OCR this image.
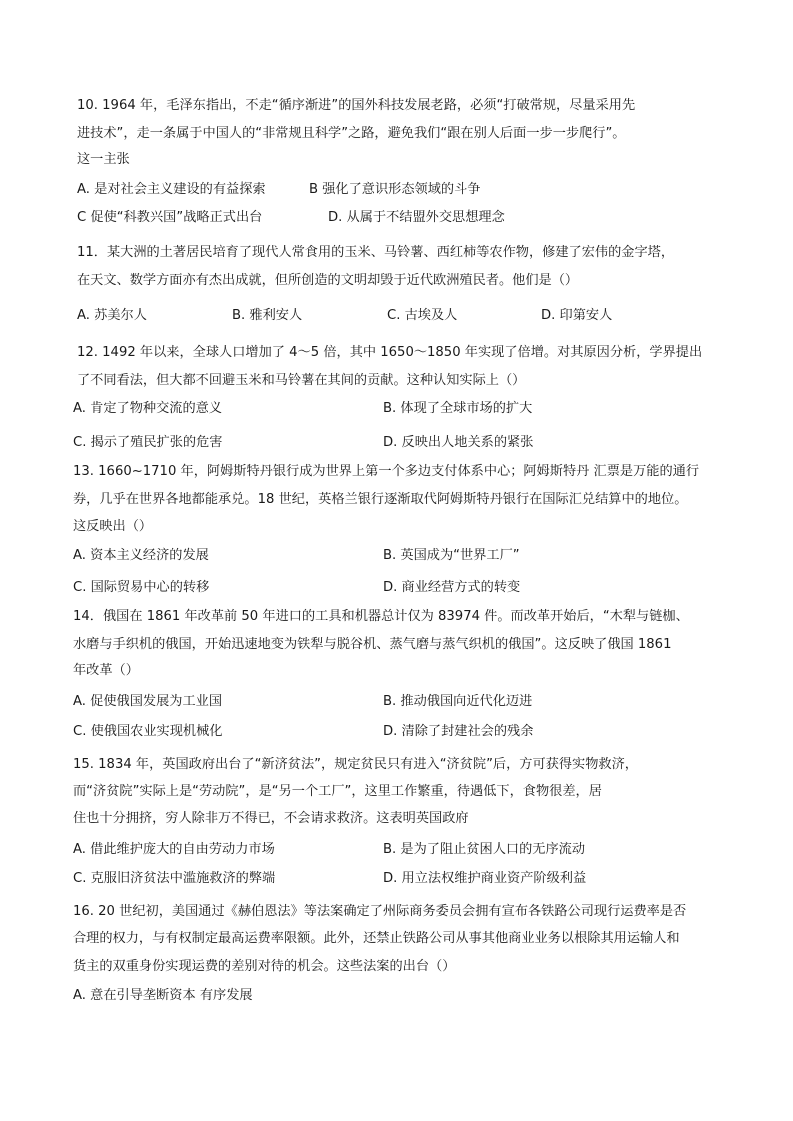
10. 1964 年，毛泽东指出，不走“循序渐进”的国外科技发展老路，必须“打破常规，尽量采用先
进技术”，走一条属于中国人的“非常规且科学”之路，避免我们“跟在别人后面一步一步爬行”。
这一主张
A. 是对社会主义建设的有益探索	B 强化了意识形态领域的斗争
C 促使“科教兴国”战略正式出台	D. 从属于不结盟外交思想理念
11．某大洲的土著居民培育了现代人常食用的玉米、马铃薯、西红柿等农作物，修建了宏伟的金字塔，
在天文、数学方面亦有杰出成就，但所创造的文明却毁于近代欧洲殖民者。他们是（）
A. 苏美尔人	B. 雅利安人	C. 古埃及人	D. 印第安人
12. 1492 年以来，全球人口增加了 4～5 倍，其中 1650～1850 年实现了倍增。对其原因分析，学界提出
了不同看法，但大都不回避玉米和马铃薯在其间的贡献。这种认知实际上（）
A. 肯定了物种交流的意义	B. 体现了全球市场的扩大
C. 揭示了殖民扩张的危害	D. 反映出人地关系的紧张
13. 1660~1710 年，阿姆斯特丹银行成为世界上第一个多边支付体系中心；阿姆斯特丹 汇票是万能的通行
券，几乎在世界各地都能承兑。18 世纪，英格兰银行逐渐取代阿姆斯特丹银行在国际汇兑结算中的地位。
这反映出（）
A. 资本主义经济的发展	B. 英国成为“世界工厂”
C. 国际贸易中心的转移	D. 商业经营方式的转变
14．俄国在 1861 年改革前 50 年进口的工具和机器总计仅为 83974 件。而改革开始后，“木犁与链枷、
水磨与手织机的俄国，开始迅速地变为铁犁与脱谷机、蒸气磨与蒸气织机的俄国”。这反映了俄国 1861
年改革（）
A. 促使俄国发展为工业国	B. 推动俄国向近代化迈进
C. 使俄国农业实现机械化	D. 清除了封建社会的残余
15. 1834 年，英国政府出台了“新济贫法”，规定贫民只有进入“济贫院”后，方可获得实物救济，
而“济贫院”实际上是“劳动院”，是“另一个工厂”，这里工作繁重，待遇低下，食物很差，居
住也十分拥挤，穷人除非万不得已，不会请求救济。这表明英国政府
A. 借此维护庞大的自由劳动力市场	B. 是为了阻止贫困人口的无序流动
C. 克服旧济贫法中滥施救济的弊端	D. 用立法权维护商业资产阶级利益
16. 20 世纪初，美国通过《赫伯恩法》等法案确定了州际商务委员会拥有宣布各铁路公司现行运费率是否
合理的权力，与有权制定最高运费率限额。此外，还禁止铁路公司从事其他商业业务以根除其用运输人和
货主的双重身份实现运费的差别对待的机会。这些法案的出台（）
A. 意在引导垄断资本 有序发展
